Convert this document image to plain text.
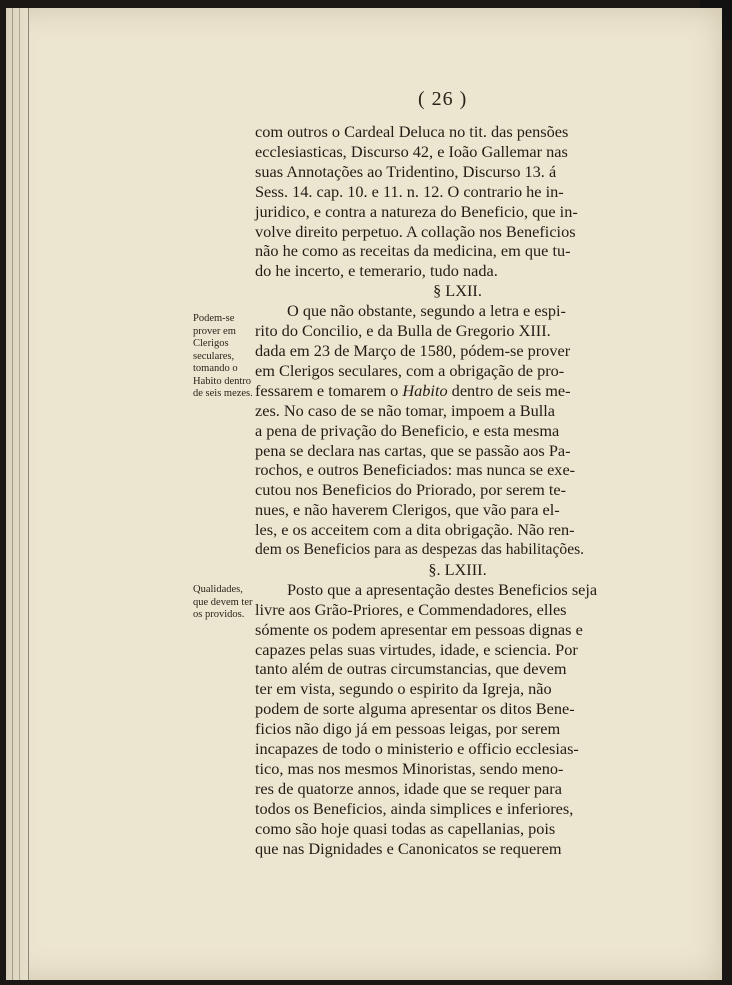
( 26 )
Podem-se prover em Clerigos seculares, tomando o Habito dentro de seis mezes.
Qualidades, que devem ter os providos.
com outros o Cardeal Deluca no tit. das pensões
ecclesiasticas, Discurso 42, e Ioão Gallemar nas
suas Annotações ao Tridentino, Discurso 13. á
Sess. 14. cap. 10. e 11. n. 12. O contrario he in-
juridico, e contra a natureza do Beneficio, que in-
volve direito perpetuo. A collação nos Beneficios
não he como as receitas da medicina, em que tu-
do he incerto, e temerario, tudo nada.
§ LXII.
O que não obstante, segundo a letra e espi-
rito do Concilio, e da Bulla de Gregorio XIII.
dada em 23 de Março de 1580, pódem-se prover
em Clerigos seculares, com a obrigação de pro-
fessarem e tomarem o Habito dentro de seis me-
zes. No caso de se não tomar, impoem a Bulla
a pena de privação do Beneficio, e esta mesma
pena se declara nas cartas, que se passão aos Pa-
rochos, e outros Beneficiados: mas nunca se exe-
cutou nos Beneficios do Priorado, por serem te-
nues, e não haverem Clerigos, que vão para el-
les, e os acceitem com a dita obrigação. Não ren-
dem os Beneficios para as despezas das habilitações.
§. LXIII.
Posto que a apresentação destes Beneficios seja
livre aos Grão-Priores, e Commendadores, elles
sómente os podem apresentar em pessoas dignas e
capazes pelas suas virtudes, idade, e sciencia. Por
tanto além de outras circumstancias, que devem
ter em vista, segundo o espirito da Igreja, não
podem de sorte alguma apresentar os ditos Bene-
ficios não digo já em pessoas leigas, por serem
incapazes de todo o ministerio e officio ecclesias-
tico, mas nos mesmos Minoristas, sendo meno-
res de quatorze annos, idade que se requer para
todos os Beneficios, ainda simplices e inferiores,
como são hoje quasi todas as capellanias, pois
que nas Dignidades e Canonicatos se requerem
